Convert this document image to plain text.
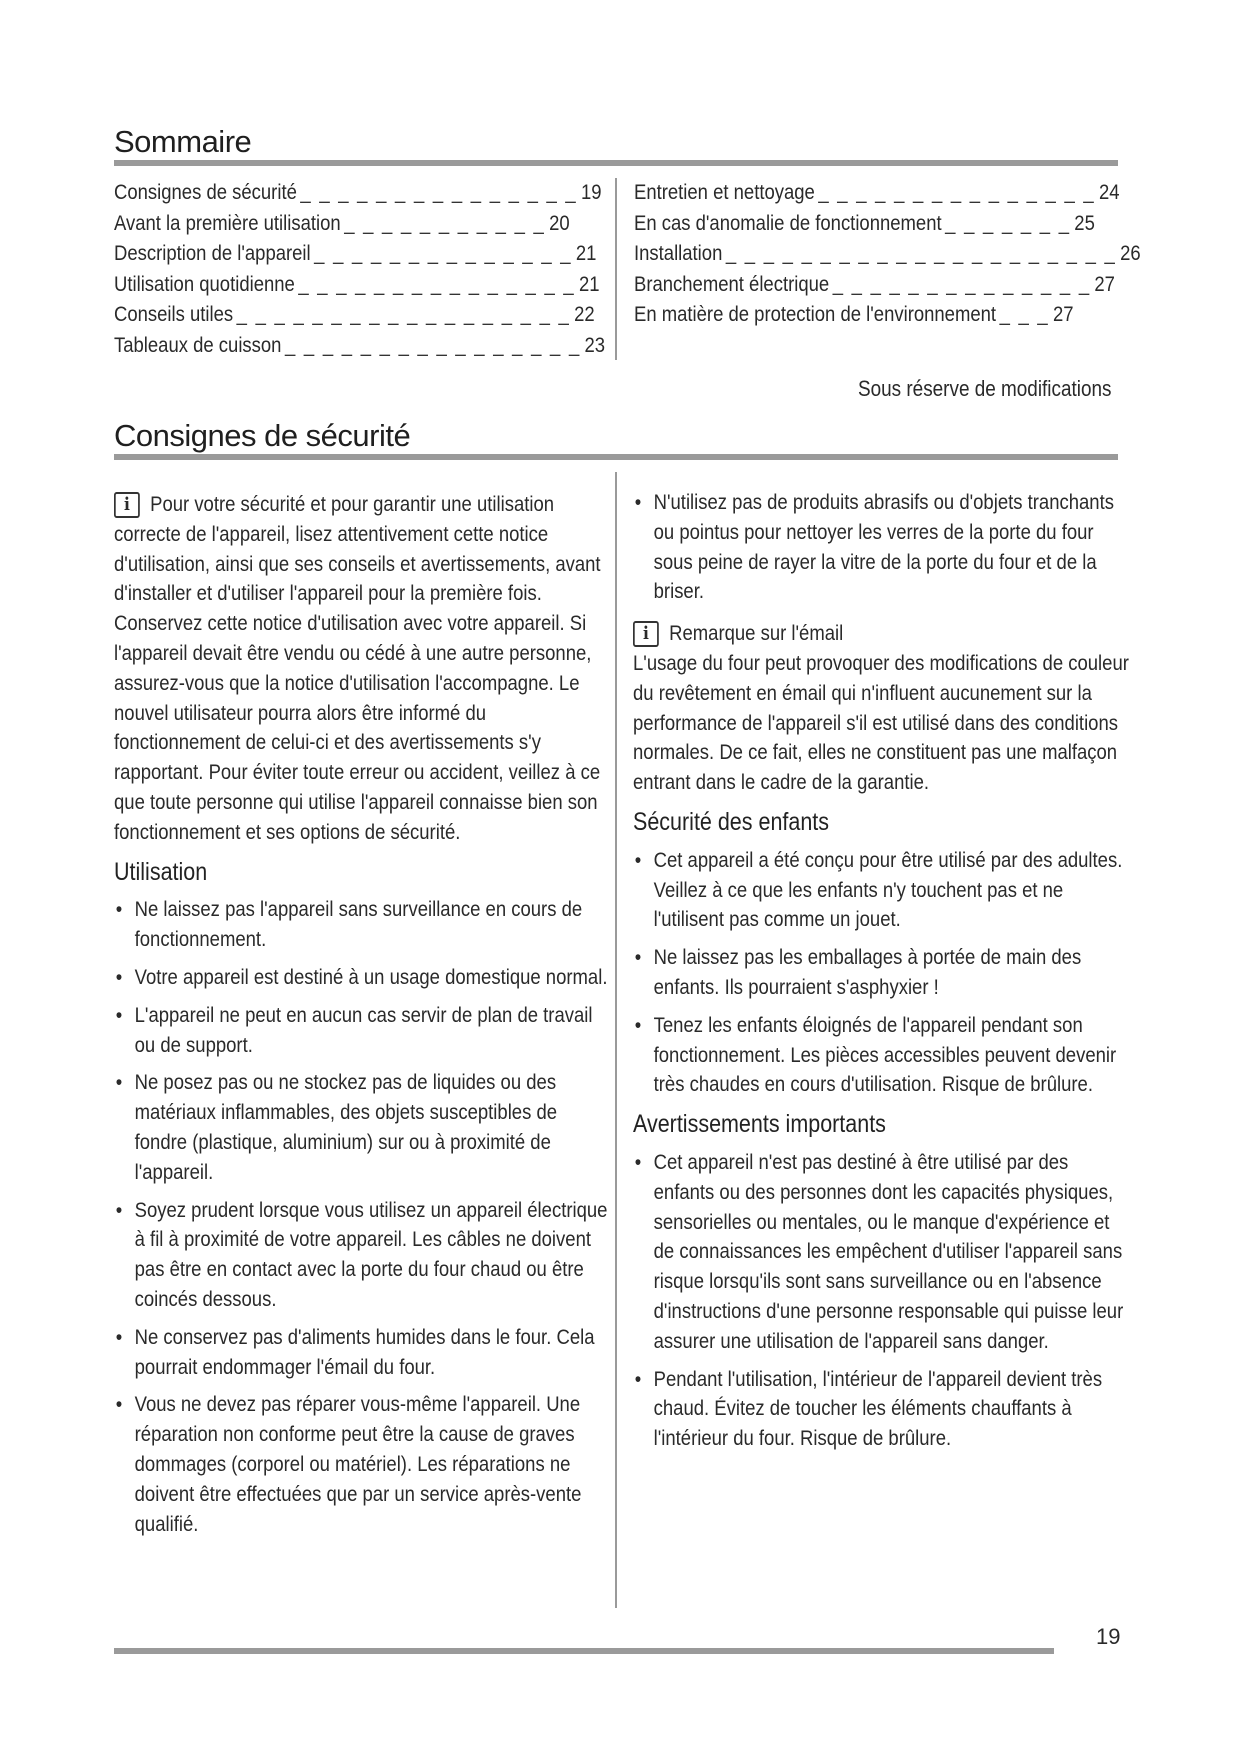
Sommaire
Consignes de sécurité _ _ _ _ _ _ _ _ _ _ _ _ _ _ _ 19
Avant la première utilisation _ _ _ _ _ _ _ _ _ _ _ 20
Description de l'appareil _ _ _ _ _ _ _ _ _ _ _ _ _ _ 21
Utilisation quotidienne _ _ _ _ _ _ _ _ _ _ _ _ _ _ _ 21
Conseils utiles _ _ _ _ _ _ _ _ _ _ _ _ _ _ _ _ _ _ 22
Tableaux de cuisson _ _ _ _ _ _ _ _ _ _ _ _ _ _ _ _ 23
Entretien et nettoyage _ _ _ _ _ _ _ _ _ _ _ _ _ _ _ 24
En cas d'anomalie de fonctionnement _ _ _ _ _ _ _ 25
Installation _ _ _ _ _ _ _ _ _ _ _ _ _ _ _ _ _ _ _ _ _ 26
Branchement électrique _ _ _ _ _ _ _ _ _ _ _ _ _ _ 27
En matière de protection de l'environnement _ _ _ 27
Sous réserve de modifications
Consignes de sécurité

i Pour votre sécurité et pour garantir une utilisation correcte de l'appareil, lisez attentivement cette notice d'utilisation, ainsi que ses conseils et avertissements, avant d'installer et d'utiliser l'appareil pour la première fois. Conservez cette notice d'utilisation avec votre appareil. Si l'appareil devait être vendu ou cédé à une autre personne, assurez-vous que la notice d'utilisation l'accompagne. Le nouvel utilisateur pourra alors être informé du fonctionnement de celui-ci et des avertissements s'y rapportant. Pour éviter toute erreur ou accident, veillez à ce que toute personne qui utilise l'appareil connaisse bien son fonctionnement et ses options de sécurité.

Utilisation
• Ne laissez pas l'appareil sans surveillance en cours de fonctionnement.
• Votre appareil est destiné à un usage domestique normal.
• L'appareil ne peut en aucun cas servir de plan de travail ou de support.
• Ne posez pas ou ne stockez pas de liquides ou des matériaux inflammables, des objets susceptibles de fondre (plastique, aluminium) sur ou à proximité de l'appareil.
• Soyez prudent lorsque vous utilisez un appareil électrique à fil à proximité de votre appareil. Les câbles ne doivent pas être en contact avec la porte du four chaud ou être coincés dessous.
• Ne conservez pas d'aliments humides dans le four. Cela pourrait endommager l'émail du four.
• Vous ne devez pas réparer vous-même l'appareil. Une réparation non conforme peut être la cause de graves dommages (corporel ou matériel). Les réparations ne doivent être effectuées que par un service après-vente qualifié.
• N'utilisez pas de produits abrasifs ou d'objets tranchants ou pointus pour nettoyer les verres de la porte du four sous peine de rayer la vitre de la porte du four et de la briser.

i Remarque sur l'émail
L'usage du four peut provoquer des modifications de couleur du revêtement en émail qui n'influent aucunement sur la performance de l'appareil s'il est utilisé dans des conditions normales. De ce fait, elles ne constituent pas une malfaçon entrant dans le cadre de la garantie.

Sécurité des enfants
• Cet appareil a été conçu pour être utilisé par des adultes. Veillez à ce que les enfants n'y touchent pas et ne l'utilisent pas comme un jouet.
• Ne laissez pas les emballages à portée de main des enfants. Ils pourraient s'asphyxier !
• Tenez les enfants éloignés de l'appareil pendant son fonctionnement. Les pièces accessibles peuvent devenir très chaudes en cours d'utilisation. Risque de brûlure.
Avertissements importants
• Cet appareil n'est pas destiné à être utilisé par des enfants ou des personnes dont les capacités physiques, sensorielles ou mentales, ou le manque d'expérience et de connaissances les empêchent d'utiliser l'appareil sans risque lorsqu'ils sont sans surveillance ou en l'absence d'instructions d'une personne responsable qui puisse leur assurer une utilisation de l'appareil sans danger.
• Pendant l'utilisation, l'intérieur de l'appareil devient très chaud. Évitez de toucher les éléments chauffants à l'intérieur du four. Risque de brûlure.
19
